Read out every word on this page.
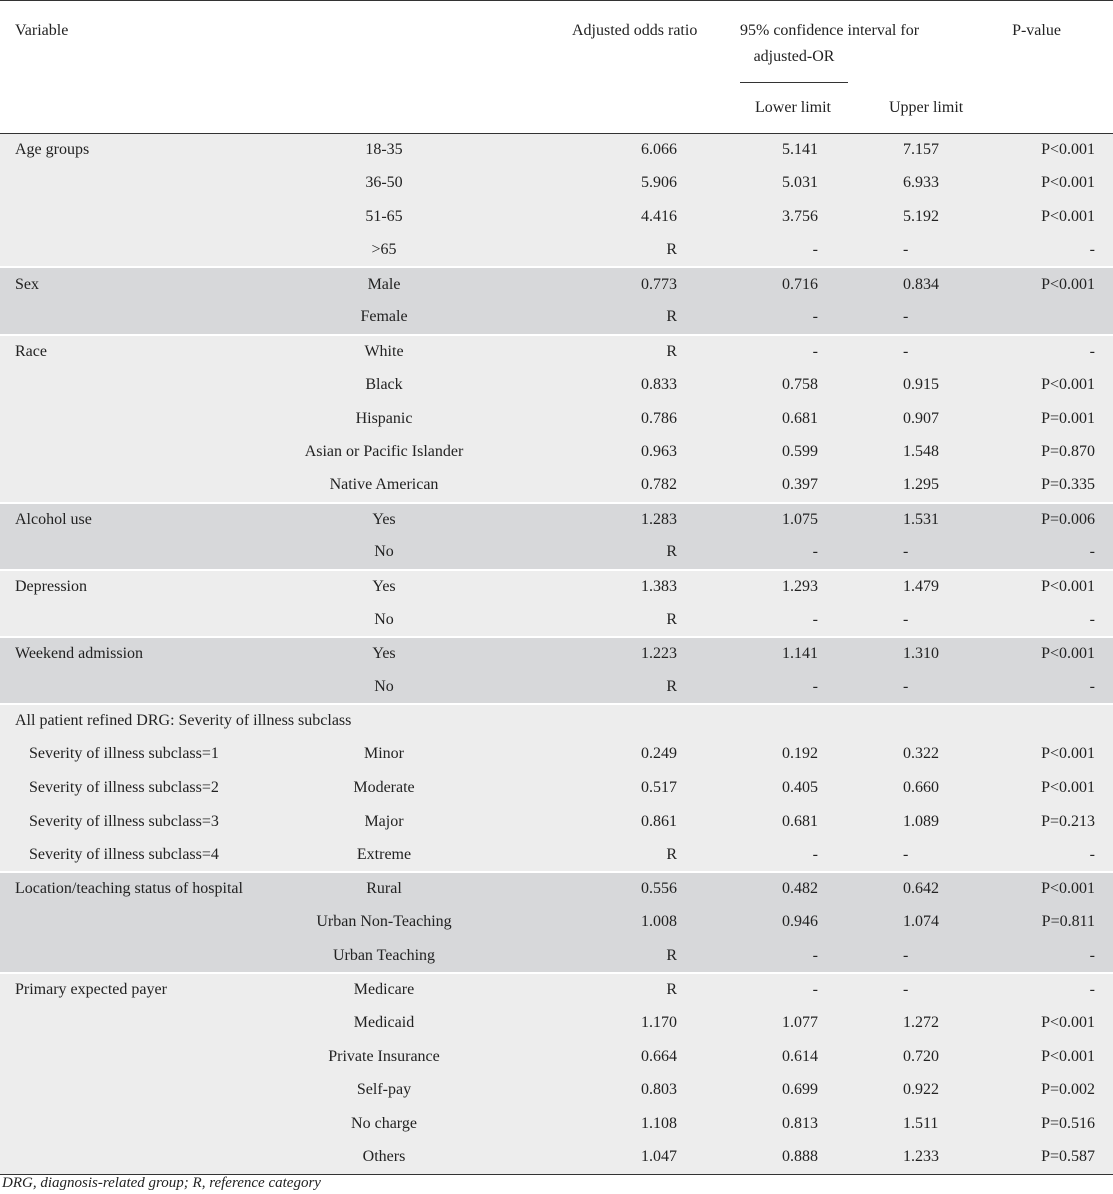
Variable		Adjusted odds ratio	95% confidence interval for
adjusted-OR		P-value
			Lower limit	Upper limit	
Age groups	18-35	6.066	5.141	7.157	P<0.001
	36-50	5.906	5.031	6.933	P<0.001
	51-65	4.416	3.756	5.192	P<0.001
	>65	R	-	-	-
Sex	Male	0.773	0.716	0.834	P<0.001
	Female	R	-	-	
Race	White	R	-	-	-
	Black	0.833	0.758	0.915	P<0.001
	Hispanic	0.786	0.681	0.907	P=0.001
	Asian or Pacific Islander	0.963	0.599	1.548	P=0.870
	Native American	0.782	0.397	1.295	P=0.335
Alcohol use	Yes	1.283	1.075	1.531	P=0.006
	No	R	-	-	-
Depression	Yes	1.383	1.293	1.479	P<0.001
	No	R	-	-	-
Weekend admission	Yes	1.223	1.141	1.310	P<0.001
	No	R	-	-	-
All patient refined DRG: Severity of illness subclass					
Severity of illness subclass=1	Minor	0.249	0.192	0.322	P<0.001
Severity of illness subclass=2	Moderate	0.517	0.405	0.660	P<0.001
Severity of illness subclass=3	Major	0.861	0.681	1.089	P=0.213
Severity of illness subclass=4	Extreme	R	-	-	-
Location/teaching status of hospital	Rural	0.556	0.482	0.642	P<0.001
	Urban Non-Teaching	1.008	0.946	1.074	P=0.811
	Urban Teaching	R	-	-	-
Primary expected payer	Medicare	R	-	-	-
	Medicaid	1.170	1.077	1.272	P<0.001
	Private Insurance	0.664	0.614	0.720	P<0.001
	Self-pay	0.803	0.699	0.922	P=0.002
	No charge	1.108	0.813	1.511	P=0.516
	Others	1.047	0.888	1.233	P=0.587
DRG, diagnosis-related group; R, reference category
